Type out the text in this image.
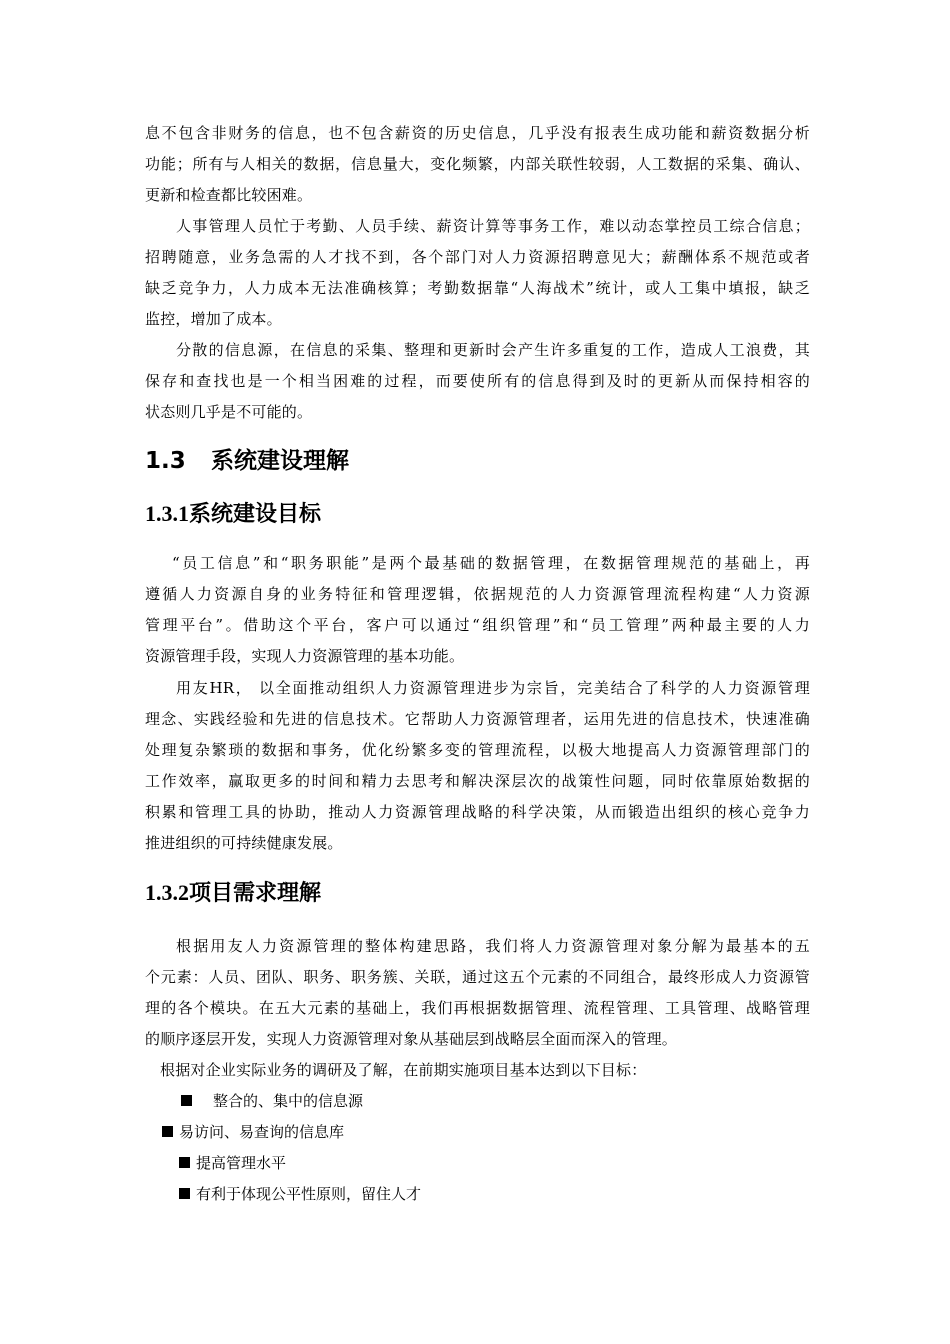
息不包含非财务的信息，也不包含薪资的历史信息，几乎没有报表生成功能和薪资数据分析
功能；所有与人相关的数据，信息量大，变化频繁，内部关联性较弱，人工数据的采集、确认、
更新和检查都比较困难。
人事管理人员忙于考勤、人员手续、薪资计算等事务工作，难以动态掌控员工综合信息；
招聘随意，业务急需的人才找不到，各个部门对人力资源招聘意见大；薪酬体系不规范或者
缺乏竞争力，人力成本无法准确核算；考勤数据靠“人海战术”统计，或人工集中填报，缺乏
监控，增加了成本。
分散的信息源，在信息的采集、整理和更新时会产生许多重复的工作，造成人工浪费，其
保存和查找也是一个相当困难的过程，而要使所有的信息得到及时的更新从而保持相容的
状态则几乎是不可能的。
1.3 系统建设理解
1.3.1系统建设目标
“员工信息”和“职务职能”是两个最基础的数据管理，在数据管理规范的基础上，再
遵循人力资源自身的业务特征和管理逻辑，依据规范的人力资源管理流程构建“人力资源
管理平台”。借助这个平台，客户可以通过“组织管理”和“员工管理”两种最主要的人力
资源管理手段，实现人力资源管理的基本功能。
用友HR， 以全面推动组织人力资源管理进步为宗旨，完美结合了科学的人力资源管理
理念、实践经验和先进的信息技术。它帮助人力资源管理者，运用先进的信息技术，快速准确
处理复杂繁琐的数据和事务，优化纷繁多变的管理流程，以极大地提高人力资源管理部门的
工作效率，赢取更多的时间和精力去思考和解决深层次的战策性问题，同时依靠原始数据的
积累和管理工具的协助，推动人力资源管理战略的科学决策，从而锻造出组织的核心竞争力
推进组织的可持续健康发展。
1.3.2项目需求理解
根据用友人力资源管理的整体构建思路，我们将人力资源管理对象分解为最基本的五
个元素：人员、团队、职务、职务簇、关联，通过这五个元素的不同组合，最终形成人力资源管
理的各个模块。在五大元素的基础上，我们再根据数据管理、流程管理、工具管理、战略管理
的顺序逐层开发，实现人力资源管理对象从基础层到战略层全面而深入的管理。
根据对企业实际业务的调研及了解，在前期实施项目基本达到以下目标：
 整合的、集中的信息源
易访问、易查询的信息库
提高管理水平
有利于体现公平性原则，留住人才
